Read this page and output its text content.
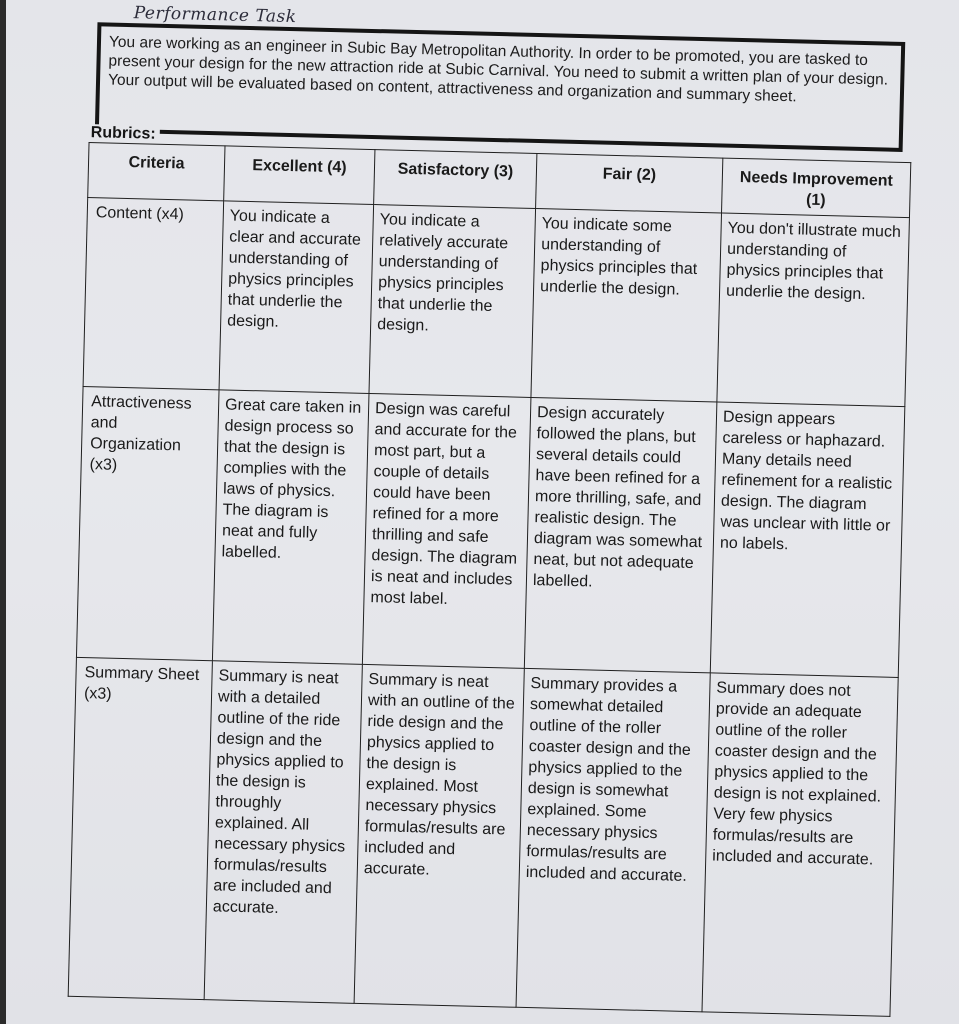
Performance Task
You are working as an engineer in Subic Bay Metropolitan Authority. In order to be promoted, you are tasked to present your design for the new attraction ride at Subic Carnival. You need to submit a written plan of your design. Your output will be evaluated based on content, attractiveness and organization and summary sheet.
Rubrics:
Criteria	Excellent (4)	Satisfactory (3)	Fair (2)	Needs Improvement (1)
Content (x4)	You indicate a clear and accurate understanding of physics principles that underlie the design.	You indicate a relatively accurate understanding of physics principles that underlie the design.	You indicate some understanding of physics principles that underlie the design.	You don't illustrate much understanding of physics principles that underlie the design.
Attractiveness and Organization (x3)	Great care taken in design process so that the design is complies with the laws of physics. The diagram is neat and fully labelled.	Design was careful and accurate for the most part, but a couple of details could have been refined for a more thrilling and safe design. The diagram is neat and includes most label.	Design accurately followed the plans, but several details could have been refined for a more thrilling, safe, and realistic design. The diagram was somewhat neat, but not adequate labelled.	Design appears careless or haphazard. Many details need refinement for a realistic design. The diagram was unclear with little or no labels.
Summary Sheet (x3)	Summary is neat with a detailed outline of the ride design and the physics applied to the design is throughly explained. All necessary physics formulas/results are included and accurate.	Summary is neat with an outline of the ride design and the physics applied to the design is explained. Most necessary physics formulas/results are included and accurate.	Summary provides a somewhat detailed outline of the roller coaster design and the physics applied to the design is somewhat explained. Some necessary physics formulas/results are included and accurate.	Summary does not provide an adequate outline of the roller coaster design and the physics applied to the design is not explained. Very few physics formulas/results are included and accurate.
